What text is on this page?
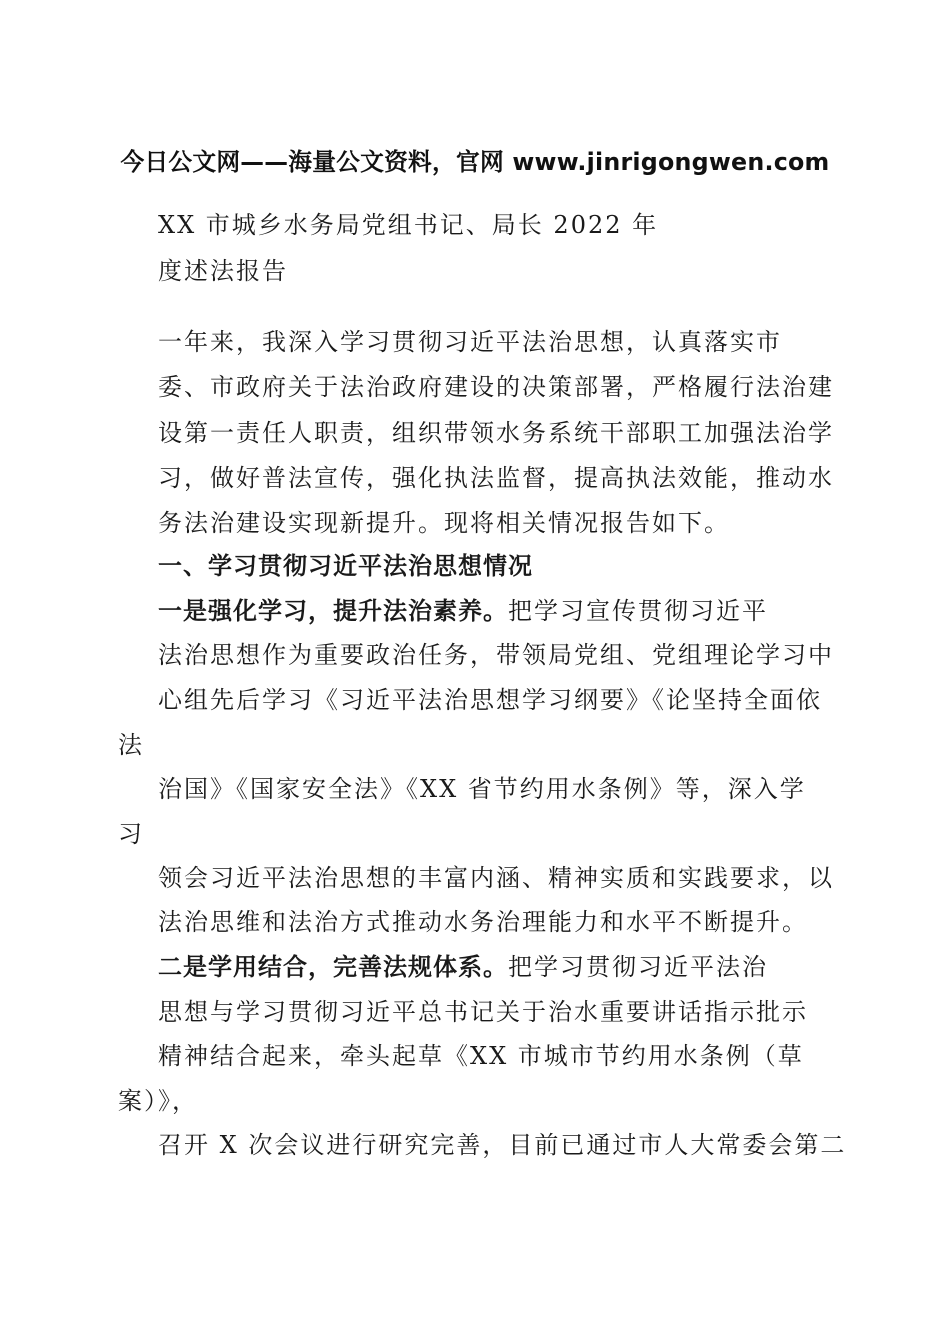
今日公文网——海量公文资料，官网 www.jinrigongwen.com
XX 市城乡水务局党组书记、局长 2022 年
度述法报告
一年来，我深入学习贯彻习近平法治思想，认真落实市
委、市政府关于法治政府建设的决策部署，严格履行法治建
设第一责任人职责，组织带领水务系统干部职工加强法治学
习，做好普法宣传，强化执法监督，提高执法效能，推动水
务法治建设实现新提升。现将相关情况报告如下。
一、学习贯彻习近平法治思想情况
一是强化学习，提升法治素养。把学习宣传贯彻习近平
法治思想作为重要政治任务，带领局党组、党组理论学习中
心组先后学习《习近平法治思想学习纲要》《论坚持全面依
法
治国》《国家安全法》《XX 省节约用水条例》等，深入学
习
领会习近平法治思想的丰富内涵、精神实质和实践要求，以
法治思维和法治方式推动水务治理能力和水平不断提升。
二是学用结合，完善法规体系。把学习贯彻习近平法治
思想与学习贯彻习近平总书记关于治水重要讲话指示批示
精神结合起来，牵头起草《XX 市城市节约用水条例（草
案）》，
召开 X 次会议进行研究完善，目前已通过市人大常委会第二
